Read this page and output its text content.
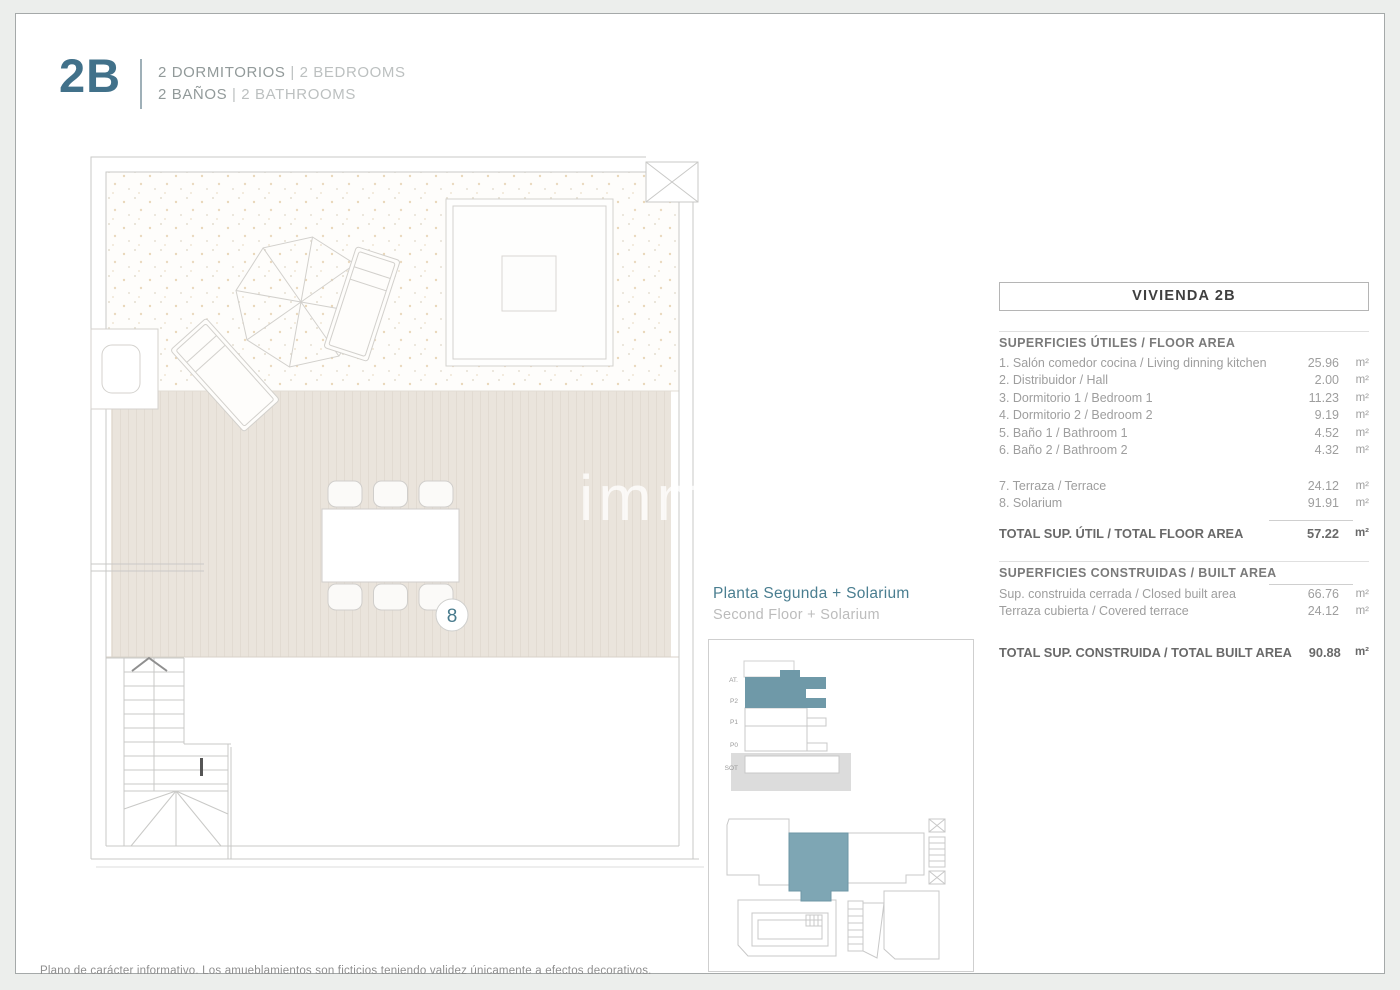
2B 2 DORMITORIOS | 2 BEDROOMS
2 BAÑOS | 2 BATHROOMS
8
imm
Planta Segunda + Solarium
Second Floor + Solarium
AT.
P2
P1
P0
SOT
VIVIENDA 2B
SUPERFICIES ÚTILES / FLOOR AREA
1. Salón comedor cocina / Living dinning kitchen	25.96	m²
2. Distribuidor / Hall	2.00	m²
3. Dormitorio 1 / Bedroom 1	11.23	m²
4. Dormitorio 2 / Bedroom 2	9.19	m²
5. Baño 1 / Bathroom 1	4.52	m²
6. Baño 2 / Bathroom 2	4.32	m²
7. Terraza / Terrace	24.12	m²
8. Solarium	91.91	m²
TOTAL SUP. ÚTIL / TOTAL FLOOR AREA	57.22	m²
SUPERFICIES CONSTRUIDAS / BUILT AREA
Sup. construida cerrada / Closed built area	66.76	m²
Terraza cubierta / Covered terrace	24.12	m²
TOTAL SUP. CONSTRUIDA / TOTAL BUILT AREA	90.88	m²
Plano de carácter informativo. Los amueblamientos son ficticios teniendo validez únicamente a efectos decorativos.
